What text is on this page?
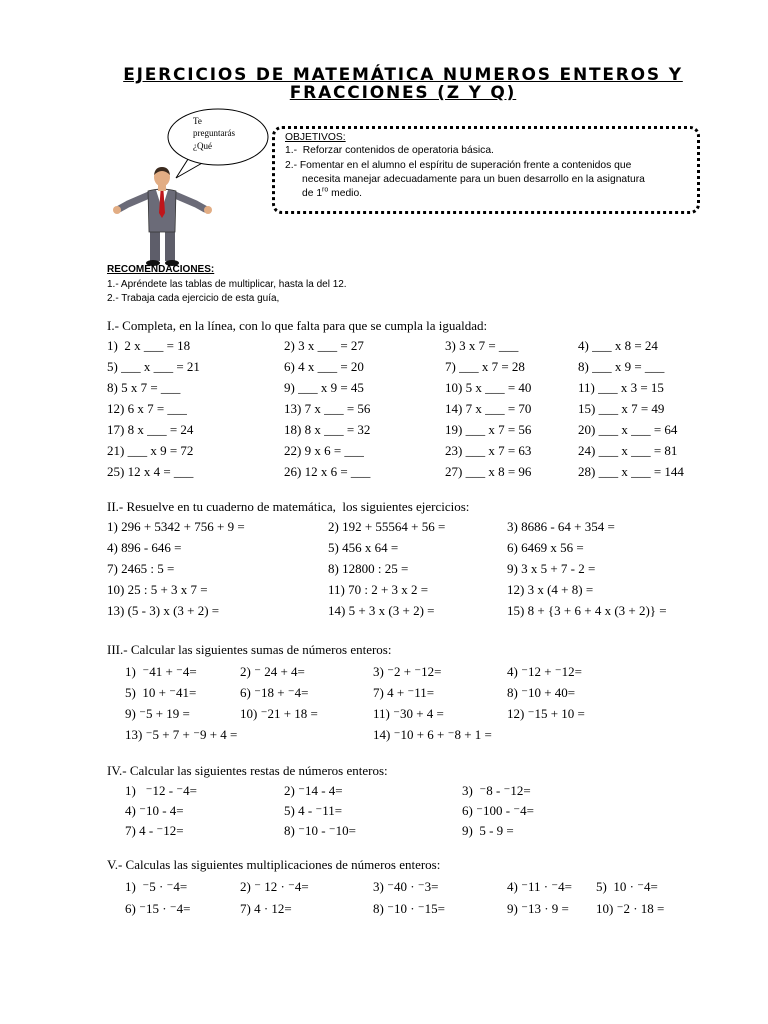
EJERCICIOS DE MATEMÁTICA NUMEROS ENTEROS Y
FRACCIONES (Z Y Q)
Te
preguntarás
¿Qué
OBJETIVOS:
1.-  Reforzar contenidos de operatoria básica.
2.- Fomentar en el alumno el espíritu de superación frente a contenidos que
necesita manejar adecuadamente para un buen desarrollo en la asignatura
de $1^{ro}$ medio.
RECOMENDACIONES:
1.- Apréndete las tablas de multiplicar, hasta la del 12.
2.- Trabaja cada ejercicio de esta guía,
I.- Completa, en la línea, con lo que falta para que se cumpla la igualdad:
1)  2 x ___ = 18	2) 3 x ___ = 27	3) 3 x 7 = ___	4) ___ x 8 = 24
5) ___ x ___ = 21	6) 4 x ___ = 20	7) ___ x 7 = 28	8) ___ x 9 = ___
8) 5 x 7 = ___	9) ___ x 9 = 45	10) 5 x ___ = 40	11) ___ x 3 = 15
12) 6 x 7 = ___	13) 7 x ___ = 56	14) 7 x ___ = 70	15) ___ x 7 = 49
17) 8 x ___ = 24	18) 8 x ___ = 32	19) ___ x 7 = 56	20) ___ x ___ = 64
21) ___ x 9 = 72	22) 9 x 6 = ___	23) ___ x 7 = 63	24) ___ x ___ = 81
25) 12 x 4 = ___	26) 12 x 6 = ___	27) ___ x 8 = 96	28) ___ x ___ = 144
II.- Resuelve en tu cuaderno de matemática,  los siguientes ejercicios:
1) 296 + 5342 + 756 + 9 =	2) 192 + 55564 + 56 =	3) 8686 - 64 + 354 =
4) 896 - 646 =	5) 456 x 64 =	6) 6469 x 56 =
7) 2465 : 5 =	8) 12800 : 25 =	9) 3 x 5 + 7 - 2 =
10) 25 : 5 + 3 x 7 =	11) 70 : 2 + 3 x 2 =	12) 3 x (4 + 8) =
13) (5 - 3) x (3 + 2) =	14) 5 + 3 x (3 + 2) =	15) 8 + {3 + 6 + 4 x (3 + 2)} =
III.- Calcular las siguientes sumas de números enteros:
1)  ⁻41 + ⁻4=	2) ⁻ 24 + 4=	3) ⁻2 + ⁻12=	4) ⁻12 + ⁻12=
5)  10 + ⁻41=	6) ⁻18 + ⁻4=	7) 4 + ⁻11=	8) ⁻10 + 40=
9) ⁻5 + 19 =	10) ⁻21 + 18 =	11) ⁻30 + 4 =	12) ⁻15 + 10 =
13) ⁻5 + 7 + ⁻9 + 4 =	14) ⁻10 + 6 + ⁻8 + 1 =
IV.- Calcular las siguientes restas de números enteros:
1)   ⁻12 - ⁻4=	2) ⁻14 - 4=	3)  ⁻8 - ⁻12=
4) ⁻10 - 4=	5) 4 - ⁻11=	6) ⁻100 - ⁻4=
7) 4 - ⁻12=	8) ⁻10 - ⁻10=	9)  5 - 9 =
V.- Calculas las siguientes multiplicaciones de números enteros:
1)  ⁻5 · ⁻4=	2) ⁻ 12 · ⁻4=	3) ⁻40 · ⁻3=	4) ⁻11 · ⁻4= 5)  10 · ⁻4=
6) ⁻15 · ⁻4=	7) 4 · 12=	8) ⁻10 · ⁻15=	9) ⁻13 · 9 = 10) ⁻2 · 18 =
